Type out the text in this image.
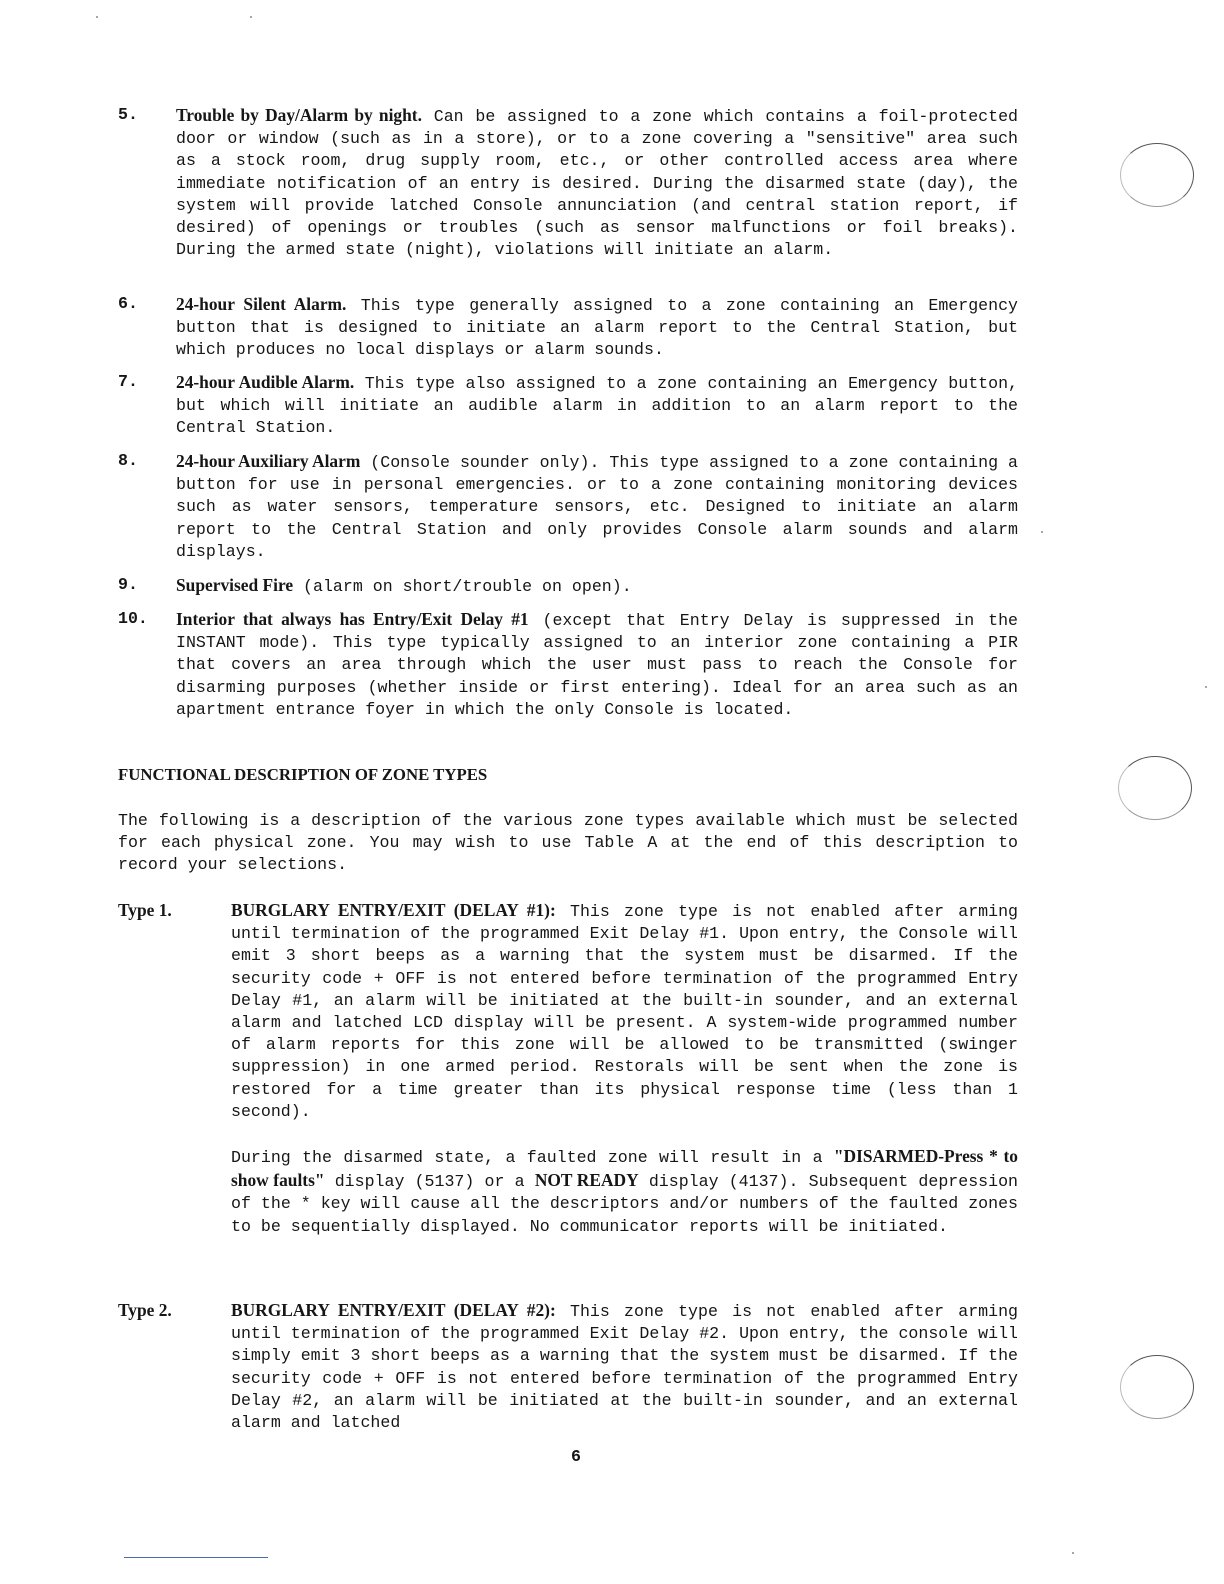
5. Trouble by Day/Alarm by night. Can be assigned to a zone which contains a foil-protected door or window (such as in a store), or to a zone covering a "sensitive" area such as a stock room, drug supply room, etc., or other controlled access area where immediate notification of an entry is desired. During the disarmed state (day), the system will provide latched Console annunciation (and central station report, if desired) of openings or troubles (such as sensor malfunctions or foil breaks). During the armed state (night), violations will initiate an alarm.
6. 24-hour Silent Alarm. This type generally assigned to a zone containing an Emergency button that is designed to initiate an alarm report to the Central Station, but which produces no local displays or alarm sounds.
7. 24-hour Audible Alarm. This type also assigned to a zone containing an Emergency button, but which will initiate an audible alarm in addition to an alarm report to the Central Station.
8. 24-hour Auxiliary Alarm (Console sounder only). This type assigned to a zone containing a button for use in personal emergencies. or to a zone containing monitoring devices such as water sensors, temperature sensors, etc. Designed to initiate an alarm report to the Central Station and only provides Console alarm sounds and alarm displays.
9. Supervised Fire (alarm on short/trouble on open).
10. Interior that always has Entry/Exit Delay #1 (except that Entry Delay is suppressed in the INSTANT mode). This type typically assigned to an interior zone containing a PIR that covers an area through which the user must pass to reach the Console for disarming purposes (whether inside or first entering). Ideal for an area such as an apartment entrance foyer in which the only Console is located.
FUNCTIONAL DESCRIPTION OF ZONE TYPES
The following is a description of the various zone types available which must be selected for each physical zone. You may wish to use Table A at the end of this description to record your selections.
Type 1.	BURGLARY ENTRY/EXIT (DELAY #1): This zone type is not enabled after arming until termination of the programmed Exit Delay #1. Upon entry, the Console will emit 3 short beeps as a warning that the system must be disarmed. If the security code + OFF is not entered before termination of the programmed Entry Delay #1, an alarm will be initiated at the built-in sounder, and an external alarm and latched LCD display will be present. A system-wide programmed number of alarm reports for this zone will be allowed to be transmitted (swinger suppression) in one armed period. Restorals will be sent when the zone is restored for a time greater than its physical response time (less than 1 second).

During the disarmed state, a faulted zone will result in a "DISARMED-Press * to show faults" display (5137) or a NOT READY display (4137). Subsequent depression of the * key will cause all the descriptors and/or numbers of the faulted zones to be sequentially displayed. No communicator reports will be initiated.

Type 2.	BURGLARY ENTRY/EXIT (DELAY #2): This zone type is not enabled after arming until termination of the programmed Exit Delay #2. Upon entry, the console will simply emit 3 short beeps as a warning that the system must be disarmed. If the security code + OFF is not entered before termination of the programmed Entry Delay #2, an alarm will be initiated at the built-in sounder, and an external alarm and latched

6
